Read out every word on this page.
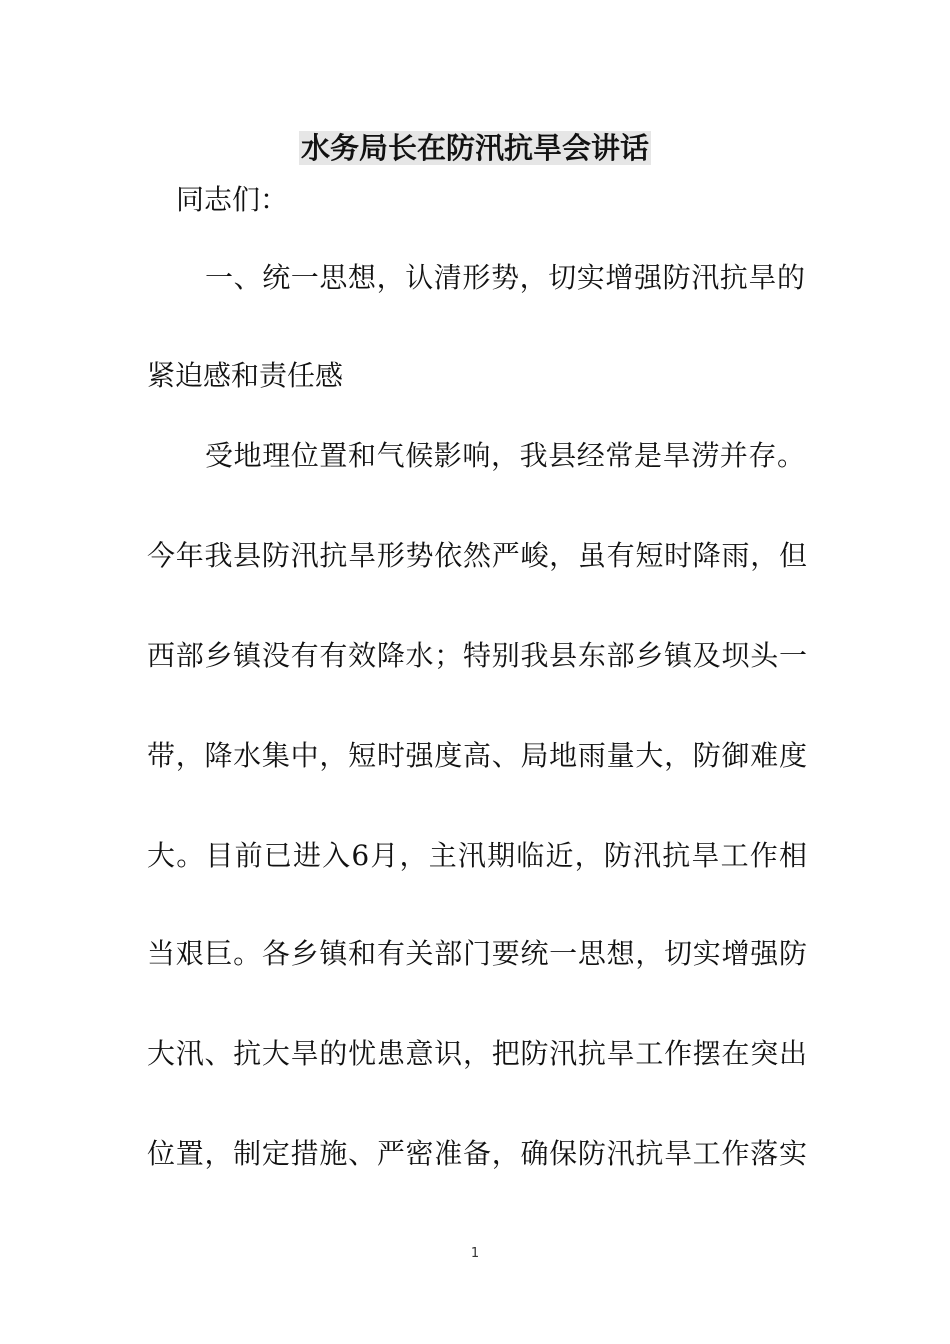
水务局长在防汛抗旱会讲话
同志们：
一、统一思想，认清形势，切实增强防汛抗旱的
紧迫感和责任感
受地理位置和气候影响，我县经常是旱涝并存。
今年我县防汛抗旱形势依然严峻，虽有短时降雨，但
西部乡镇没有有效降水；特别我县东部乡镇及坝头一
带，降水集中，短时强度高、局地雨量大，防御难度
大。目前已进入6月，主汛期临近，防汛抗旱工作相
当艰巨。各乡镇和有关部门要统一思想，切实增强防
大汛、抗大旱的忧患意识，把防汛抗旱工作摆在突出
位置，制定措施、严密准备，确保防汛抗旱工作落实
1
